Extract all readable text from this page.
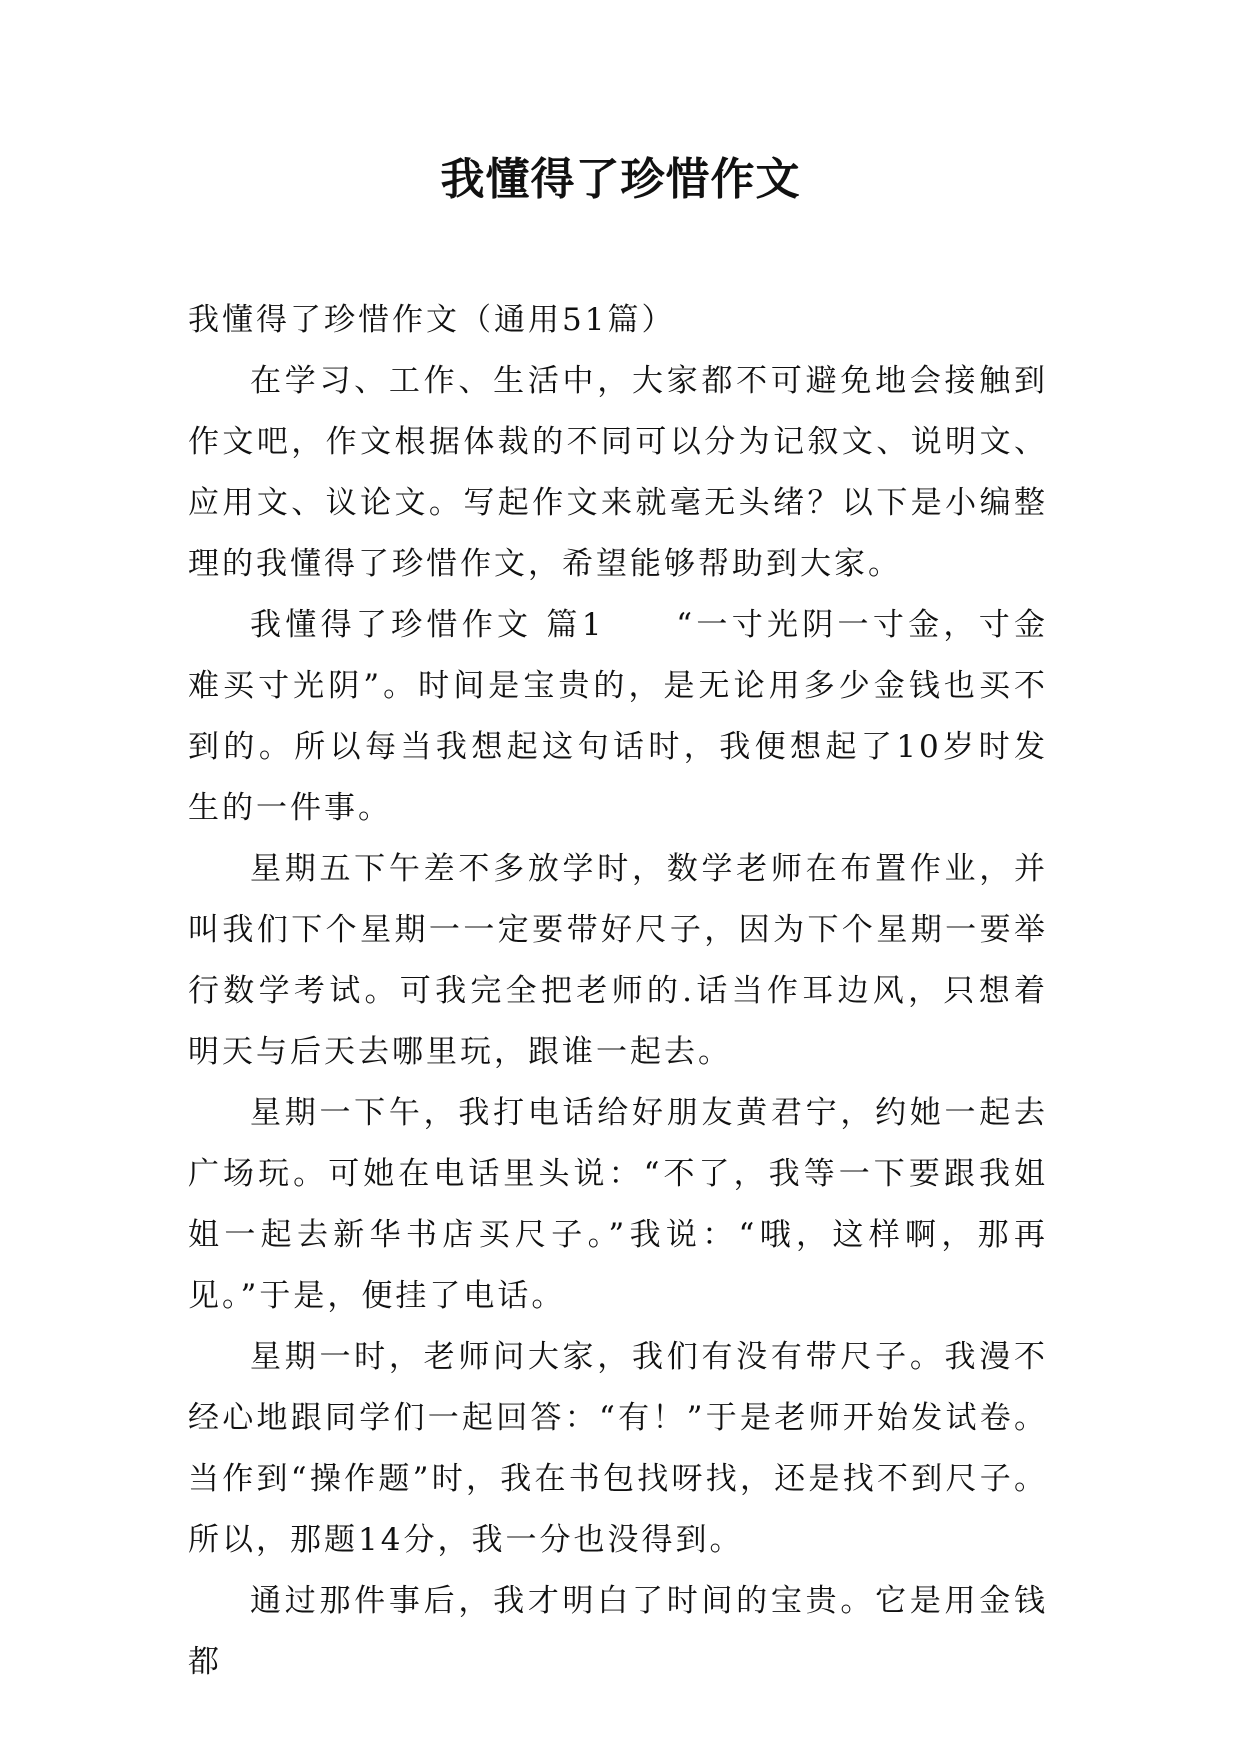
我懂得了珍惜作文

我懂得了珍惜作文（通用51篇）

在学习、工作、生活中，大家都不可避免地会接触到作文吧，作文根据体裁的不同可以分为记叙文、说明文、应用文、议论文。写起作文来就毫无头绪？以下是小编整理的我懂得了珍惜作文，希望能够帮助到大家。

我懂得了珍惜作文 篇1　　“一寸光阴一寸金，寸金难买寸光阴”。时间是宝贵的，是无论用多少金钱也买不到的。所以每当我想起这句话时，我便想起了10岁时发生的一件事。

星期五下午差不多放学时，数学老师在布置作业，并叫我们下个星期一一定要带好尺子，因为下个星期一要举行数学考试。可我完全把老师的.话当作耳边风，只想着明天与后天去哪里玩，跟谁一起去。

星期一下午，我打电话给好朋友黄君宁，约她一起去广场玩。可她在电话里头说：“不了，我等一下要跟我姐姐一起去新华书店买尺子。”我说：“哦，这样啊，那再见。”于是，便挂了电话。

星期一时，老师问大家，我们有没有带尺子。我漫不经心地跟同学们一起回答：“有！”于是老师开始发试卷。当作到“操作题”时，我在书包找呀找，还是找不到尺子。所以，那题14分，我一分也没得到。

通过那件事后，我才明白了时间的宝贵。它是用金钱都
